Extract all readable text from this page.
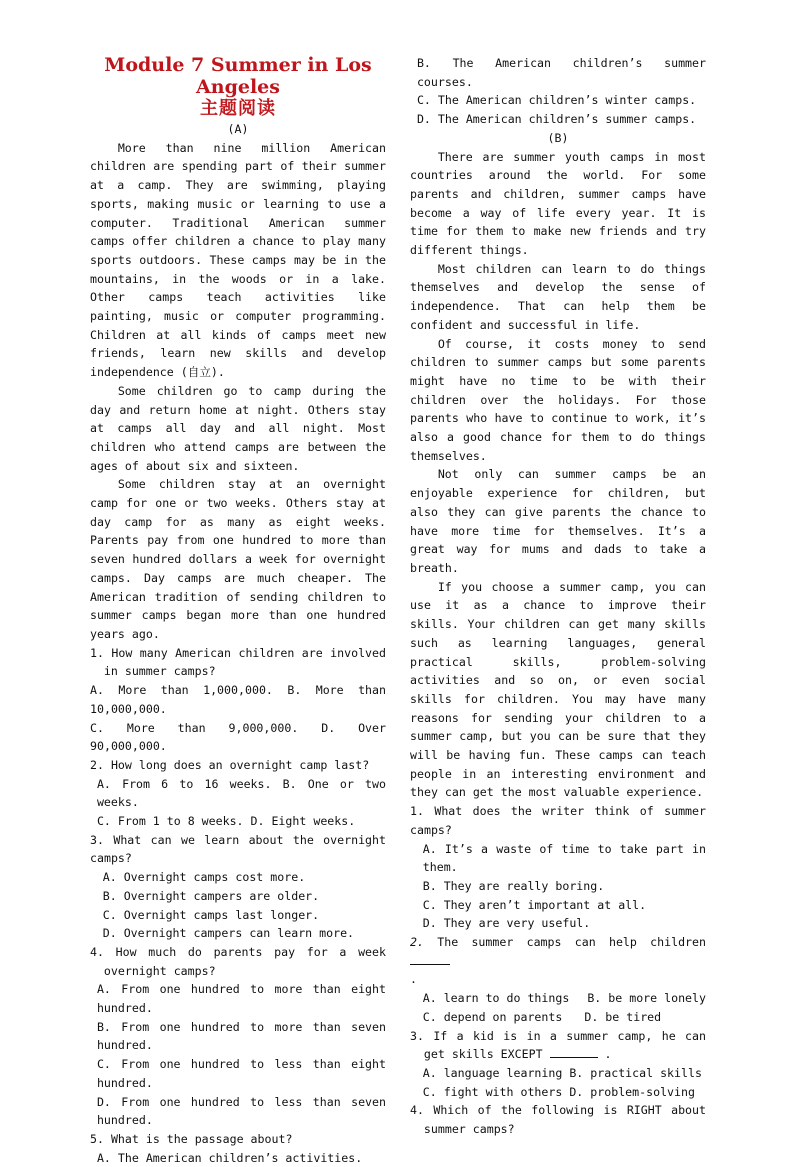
Module 7 Summer in Los Angeles
主题阅读

(A)

More than nine million American children are spending part of their summer at a camp. They are swimming, playing sports, making music or learning to use a computer. Traditional American summer camps offer children a chance to play many sports outdoors. These camps may be in the mountains, in the woods or in a lake. Other camps teach activities like painting, music or computer programming. Children at all kinds of camps meet new friends, learn new skills and develop independence (自立).

Some children go to camp during the day and return home at night. Others stay at camps all day and all night. Most children who attend camps are between the ages of about six and sixteen.

Some children stay at an overnight camp for one or two weeks. Others stay at day camp for as many as eight weeks. Parents pay from one hundred to more than seven hundred dollars a week for overnight camps. Day camps are much cheaper. The American tradition of sending children to summer camps began more than one hundred years ago.

1. How many American children are involved in summer camps?

A. More than 1,000,000. B. More than 10,000,000.

C. More than 9,000,000. D. Over 90,000,000.

2. How long does an overnight camp last?

A. From 6 to 16 weeks. B. One or two weeks.

C. From 1 to 8 weeks. D. Eight weeks.

3. What can we learn about the overnight camps?

A. Overnight camps cost more.

B. Overnight campers are older.

C. Overnight camps last longer.

D. Overnight campers can learn more.

4. How much do parents pay for a week overnight camps?

A. From one hundred to more than eight hundred.

B. From one hundred to more than seven hundred.

C. From one hundred to less than eight hundred.

D. From one hundred to less than seven hundred.

5. What is the passage about?

A. The American children’s activities.

B. The American children’s summer courses.

C. The American children’s winter camps.

D. The American children’s summer camps.

(B)

There are summer youth camps in most countries around the world. For some parents and children, summer camps have become a way of life every year. It is time for them to make new friends and try different things.

Most children can learn to do things themselves and develop the sense of independence. That can help them be confident and successful in life.

Of course, it costs money to send children to summer camps but some parents might have no time to be with their children over the holidays. For those parents who have to continue to work, it’s also a good chance for them to do things themselves.

Not only can summer camps be an enjoyable experience for children, but also they can give parents the chance to have more time for themselves. It’s a great way for mums and dads to take a breath.

If you choose a summer camp, you can use it as a chance to improve their skills. Your children can get many skills such as learning languages, general practical skills, problem-solving activities and so on, or even social skills for children. You may have many reasons for sending your children to a summer camp, but you can be sure that they will be having fun. These camps can teach people in an interesting environment and they can get the most valuable experience.

1. What does the writer think of summer camps?

A. It’s a waste of time to take part in them.

B. They are really boring.

C. They aren’t important at all.

D. They are very useful.

2. The summer camps can help children
.

A. learn to do things B. be more lonely
C. depend on parents D. be tired

3. If a kid is in a summer camp, he can get skills EXCEPT	.

A. language learning B. practical skills

C. fight with others D. problem-solving

4. Which of the following is RIGHT about summer camps?
